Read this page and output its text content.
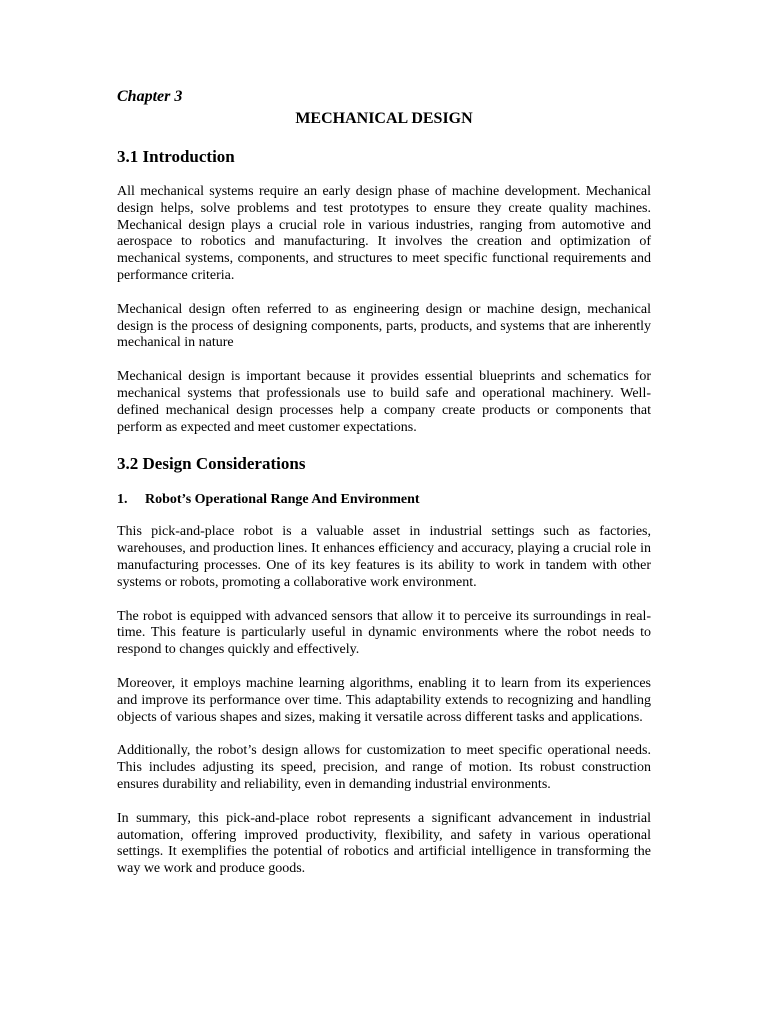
Chapter 3

MECHANICAL DESIGN

3.1 Introduction

All mechanical systems require an early design phase of machine development. Mechanical design helps, solve problems and test prototypes to ensure they create quality machines. Mechanical design plays a crucial role in various industries, ranging from automotive and aerospace to robotics and manufacturing. It involves the creation and optimization of mechanical systems, components, and structures to meet specific functional requirements and performance criteria.

Mechanical design often referred to as engineering design or machine design, mechanical design is the process of designing components, parts, products, and systems that are inherently mechanical in nature

Mechanical design is important because it provides essential blueprints and schematics for mechanical systems that professionals use to build safe and operational machinery. Well-defined mechanical design processes help a company create products or components that perform as expected and meet customer expectations.

3.2 Design Considerations
1.	Robot’s Operational Range And Environment

This pick-and-place robot is a valuable asset in industrial settings such as factories, warehouses, and production lines. It enhances efficiency and accuracy, playing a crucial role in manufacturing processes. One of its key features is its ability to work in tandem with other systems or robots, promoting a collaborative work environment.

The robot is equipped with advanced sensors that allow it to perceive its surroundings in real-time. This feature is particularly useful in dynamic environments where the robot needs to respond to changes quickly and effectively.

Moreover, it employs machine learning algorithms, enabling it to learn from its experiences and improve its performance over time. This adaptability extends to recognizing and handling objects of various shapes and sizes, making it versatile across different tasks and applications.

Additionally, the robot’s design allows for customization to meet specific operational needs. This includes adjusting its speed, precision, and range of motion. Its robust construction ensures durability and reliability, even in demanding industrial environments.

In summary, this pick-and-place robot represents a significant advancement in industrial automation, offering improved productivity, flexibility, and safety in various operational settings. It exemplifies the potential of robotics and artificial intelligence in transforming the way we work and produce goods.
